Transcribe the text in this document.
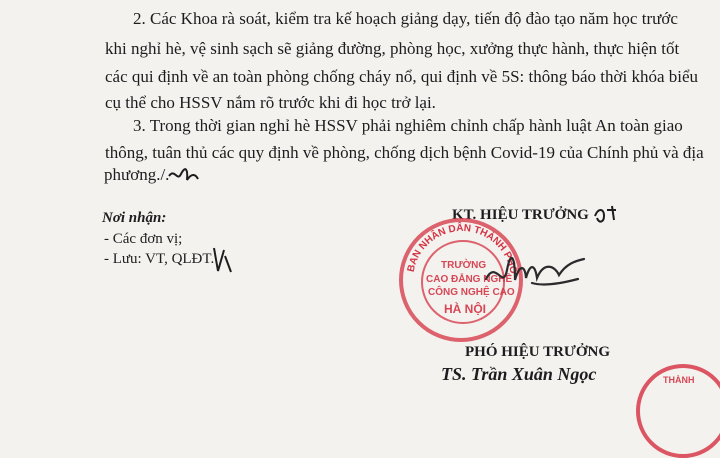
2. Các Khoa rà soát, kiểm tra kế hoạch giảng dạy, tiến độ đào tạo năm học trước
khi nghỉ hè, vệ sinh sạch sẽ giảng đường, phòng học, xưởng thực hành, thực hiện tốt
các qui định về an toàn phòng chống cháy nổ, qui định về 5S: thông báo thời khóa biểu
cụ thể cho HSSV nắm rõ trước khi đi học trở lại.
3. Trong thời gian nghỉ hè HSSV phải nghiêm chỉnh chấp hành luật An toàn giao
thông, tuân thủ các quy định về phòng, chống dịch bệnh Covid-19 của Chính phủ và địa
phương./.
Nơi nhận:
- Các đơn vị;
- Lưu: VT, QLĐT.
KT. HIỆU TRƯỞNG
BAN NHÂN DÂN THÀNH PHỐ
TRƯỜNG
CAO ĐẲNG NGHỀ
CÔNG NGHỆ CAO
HÀ NỘI
PHÓ HIỆU TRƯỞNG
TS. Trần Xuân Ngọc	THÀNH
